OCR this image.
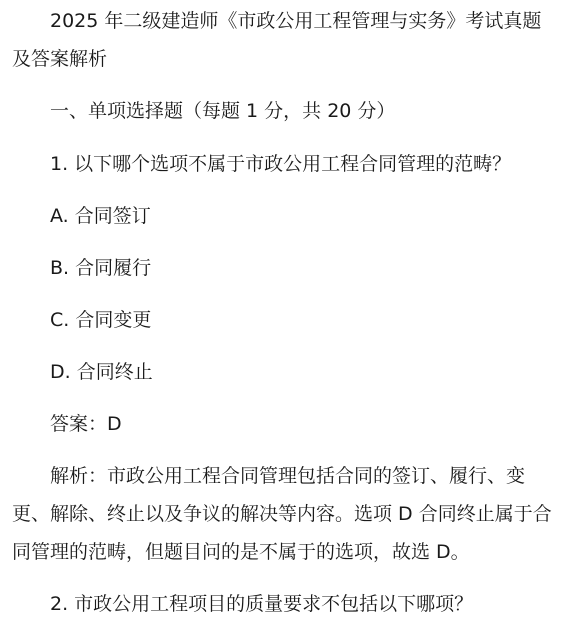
2025 年二级建造师《市政公用工程管理与实务》考试真题及答案解析

一、单项选择题（每题 1 分，共 20 分）

1. 以下哪个选项不属于市政公用工程合同管理的范畴？

A. 合同签订

B. 合同履行

C. 合同变更

D. 合同终止

答案：D

解析：市政公用工程合同管理包括合同的签订、履行、变更、解除、终止以及争议的解决等内容。选项 D 合同终止属于合同管理的范畴，但题目问的是不属于的选项，故选 D。

2. 市政公用工程项目的质量要求不包括以下哪项？
